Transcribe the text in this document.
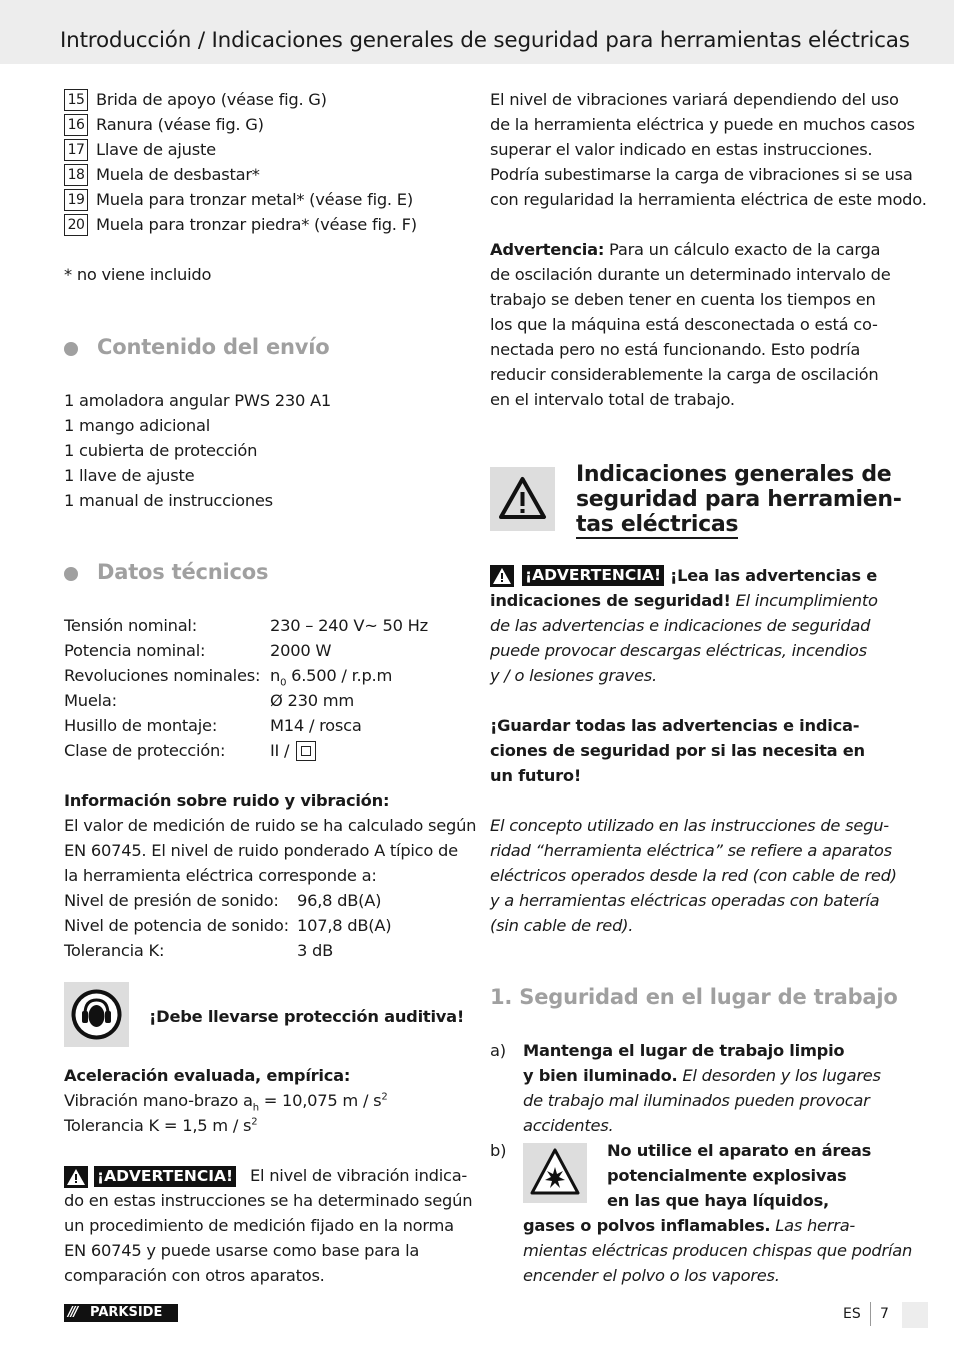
Introducción / Indicaciones generales de seguridad para herramientas eléctricas
15 Brida de apoyo (véase fig. G)
16 Ranura (véase fig. G)
17 Llave de ajuste
18 Muela de desbastar*
19 Muela para tronzar metal* (véase fig. E)
20 Muela para tronzar piedra* (véase fig. F)
* no viene incluido
Contenido del envío
1 amoladora angular PWS 230 A1
1 mango adicional
1 cubierta de protección
1 llave de ajuste
1 manual de instrucciones
Datos técnicos
Tensión nominal:	230 – 240 V~ 50 Hz
Potencia nominal:	2000 W
Revoluciones nominales: $n_0$ 6.500 / r.p.m
Muela:	Ø 230 mm
Husillo de montaje:	M14 / rosca
Clase de protección:	II /
Información sobre ruido y vibración:
El valor de medición de ruido se ha calculado según
EN 60745. El nivel de ruido ponderado A típico de
la herramienta eléctrica corresponde a:
Nivel de presión de sonido: 96,8 dB(A)
Nivel de potencia de sonido: 107,8 dB(A)
Tolerancia K:	3 dB
¡Debe llevarse protección auditiva!
Aceleración evaluada, empírica:
Vibración mano-brazo $a_h = 10,075$ m / $s^2$
Tolerancia K = 1,5 m / $s^2$
¡ADVERTENCIA! El nivel de vibración indica-
do en estas instrucciones se ha determinado según
un procedimiento de medición fijado en la norma
EN 60745 y puede usarse como base para la
comparación con otros aparatos.
El nivel de vibraciones variará dependiendo del uso
de la herramienta eléctrica y puede en muchos casos
superar el valor indicado en estas instrucciones.
Podría subestimarse la carga de vibraciones si se usa
con regularidad la herramienta eléctrica de este modo.
Advertencia: Para un cálculo exacto de la carga
de oscilación durante un determinado intervalo de
trabajo se deben tener en cuenta los tiempos en
los que la máquina está desconectada o está co-
nectada pero no está funcionando. Esto podría
reducir considerablemente la carga de oscilación
en el intervalo total de trabajo.
Indicaciones generales de
seguridad para herramien-
tas eléctricas
¡ADVERTENCIA! ¡Lea las advertencias e
indicaciones de seguridad! El incumplimiento
de las advertencias e indicaciones de seguridad
puede provocar descargas eléctricas, incendios
y / o lesiones graves.
¡Guardar todas las advertencias e indica-
ciones de seguridad por si las necesita en
un futuro!
El concepto utilizado en las instrucciones de segu-
ridad “herramienta eléctrica” se refiere a aparatos
eléctricos operados desde la red (con cable de red)
y a herramientas eléctricas operadas con batería
(sin cable de red).
1. Seguridad en el lugar de trabajo
a) Mantenga el lugar de trabajo limpio
y bien iluminado. El desorden y los lugares
de trabajo mal iluminados pueden provocar
accidentes.
b)	No utilice el aparato en áreas
potencialmente explosivas
en las que haya líquidos,
gases o polvos inflamables. Las herra-
mientas eléctricas producen chispas que podrían
encender el polvo o los vapores.
/// PARKSIDE	ES 7
